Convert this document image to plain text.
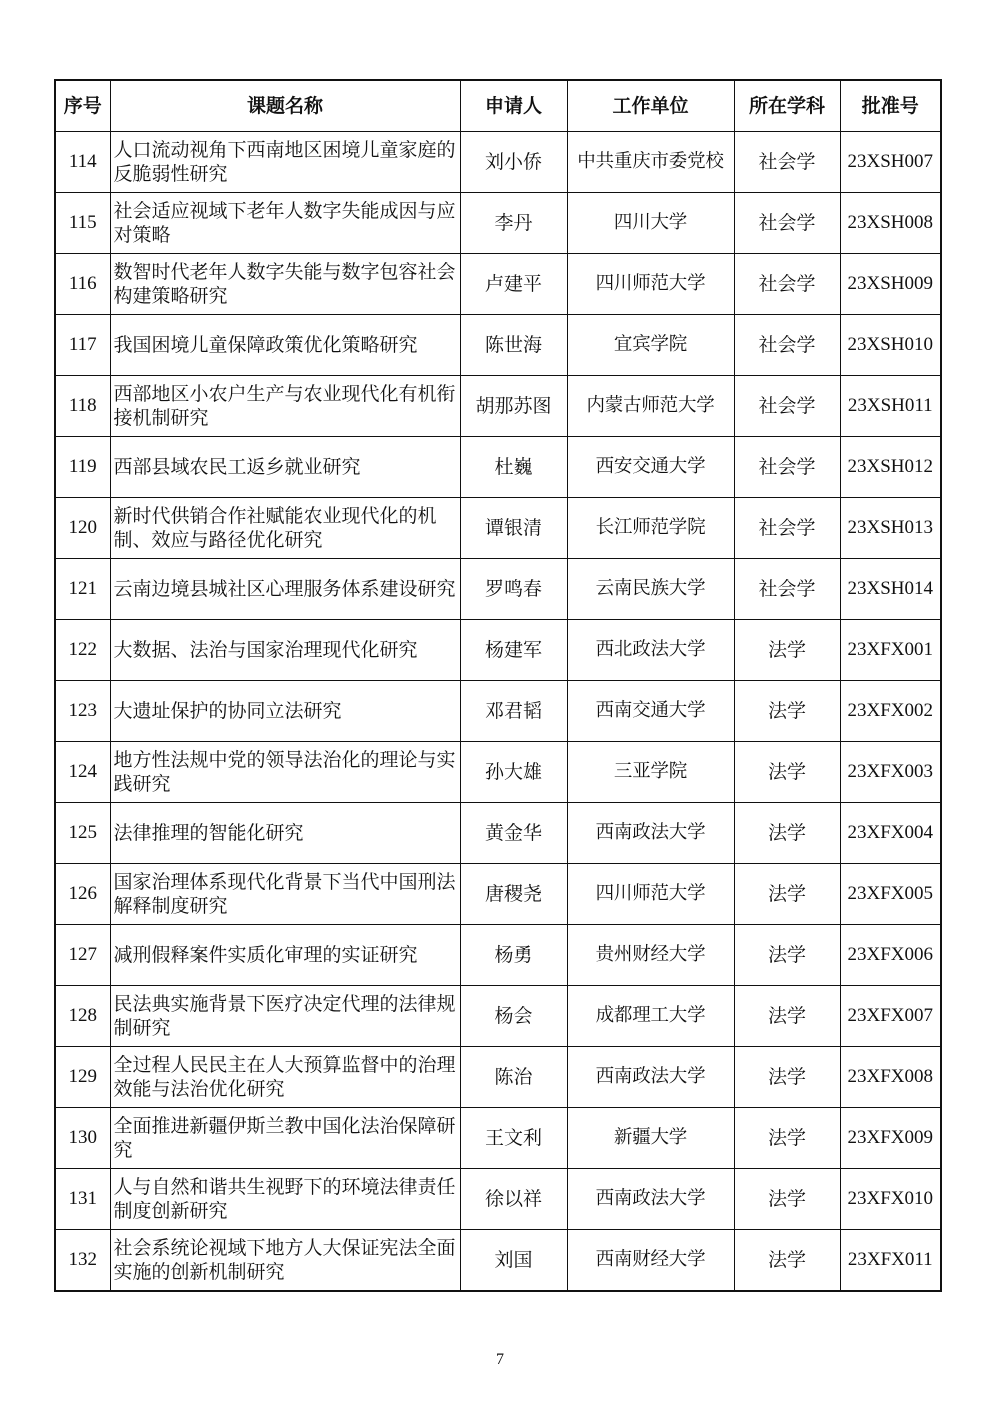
序号	课题名称	申请人	工作单位	所在学科	批准号
114	人口流动视角下西南地区困境儿童家庭的反脆弱性研究	刘小侨	中共重庆市委党校	社会学	23XSH007
115	社会适应视域下老年人数字失能成因与应对策略	李丹	四川大学	社会学	23XSH008
116	数智时代老年人数字失能与数字包容社会构建策略研究	卢建平	四川师范大学	社会学	23XSH009
117	我国困境儿童保障政策优化策略研究	陈世海	宜宾学院	社会学	23XSH010
118	西部地区小农户生产与农业现代化有机衔接机制研究	胡那苏图	内蒙古师范大学	社会学	23XSH011
119	西部县域农民工返乡就业研究	杜巍	西安交通大学	社会学	23XSH012
120	新时代供销合作社赋能农业现代化的机制、效应与路径优化研究	谭银清	长江师范学院	社会学	23XSH013
121	云南边境县城社区心理服务体系建设研究	罗鸣春	云南民族大学	社会学	23XSH014
122	大数据、法治与国家治理现代化研究	杨建军	西北政法大学	法学	23XFX001
123	大遗址保护的协同立法研究	邓君韬	西南交通大学	法学	23XFX002
124	地方性法规中党的领导法治化的理论与实践研究	孙大雄	三亚学院	法学	23XFX003
125	法律推理的智能化研究	黄金华	西南政法大学	法学	23XFX004
126	国家治理体系现代化背景下当代中国刑法解释制度研究	唐稷尧	四川师范大学	法学	23XFX005
127	减刑假释案件实质化审理的实证研究	杨勇	贵州财经大学	法学	23XFX006
128	民法典实施背景下医疗决定代理的法律规制研究	杨会	成都理工大学	法学	23XFX007
129	全过程人民民主在人大预算监督中的治理效能与法治优化研究	陈治	西南政法大学	法学	23XFX008
130	全面推进新疆伊斯兰教中国化法治保障研究	王文利	新疆大学	法学	23XFX009
131	人与自然和谐共生视野下的环境法律责任制度创新研究	徐以祥	西南政法大学	法学	23XFX010
132	社会系统论视域下地方人大保证宪法全面实施的创新机制研究	刘国	西南财经大学	法学	23XFX011
7
